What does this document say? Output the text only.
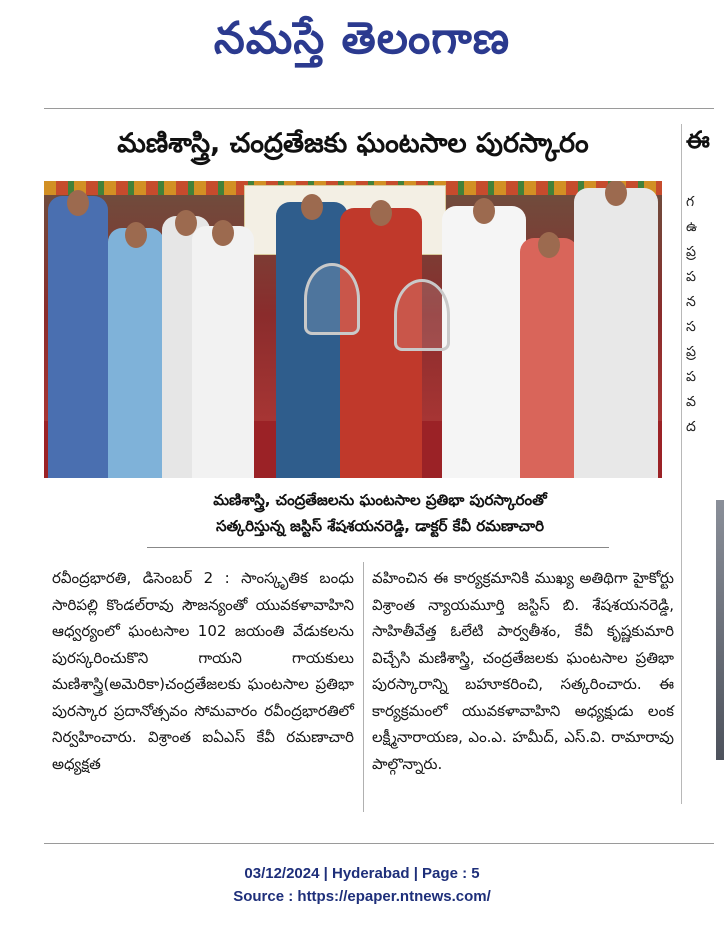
నమస్తే తెలంగాణ
మణిశాస్త్రి, చంద్రతేజకు ఘంటసాల పురస్కారం	ఈ
గ
ఉ
ప్ర
ప
న
స
ప్ర
ప
వ
ద
మణిశాస్త్రి, చంద్రతేజలను ఘంటసాల ప్రతిభా పురస్కారంతో
సత్కరిస్తున్న జస్టిస్ శేషశయనరెడ్డి, డాక్టర్ కేవీ రమణాచారి

రవీంద్రభారతి, డిసెంబర్ 2 : సాంస్కృతిక బంధు సారిపల్లి కొండల్‌రావు సౌజన్యంతో యువకళావాహిని ఆధ్వర్యంలో ఘంటసాల 102 జయంతి వేడుకలను పురస్కరించుకొని గాయని గాయకులు మణిశాస్త్రి(అమెరికా)చంద్రతేజలకు ఘంటసాల ప్రతిభా పురస్కార ప్రదానోత్సవం సోమవారం రవీంద్రభారతిలో నిర్వహించారు. విశ్రాంత ఐఏఎస్ కేవీ రమణాచారి అధ్యక్షత

వహించిన ఈ కార్యక్రమానికి ముఖ్య అతిథిగా హైకోర్టు విశ్రాంత న్యాయమూర్తి జస్టిస్ బి. శేషశయనరెడ్డి, సాహితీవేత్త ఓలేటి పార్వతీశం, కేవీ కృష్ణకుమారి విచ్చేసి మణిశాస్త్రి, చంద్రతేజలకు ఘంటసాల ప్రతిభా పురస్కారాన్ని బహూకరించి, సత్కరించారు. ఈ కార్యక్రమంలో యువకళావాహిని అధ్యక్షుడు లంక లక్ష్మీనారాయణ, ఎం.ఎ. హమీద్, ఎస్.వి. రామారావు పాల్గొన్నారు.

03/12/2024 | Hyderabad | Page : 5
Source : https://epaper.ntnews.com/
